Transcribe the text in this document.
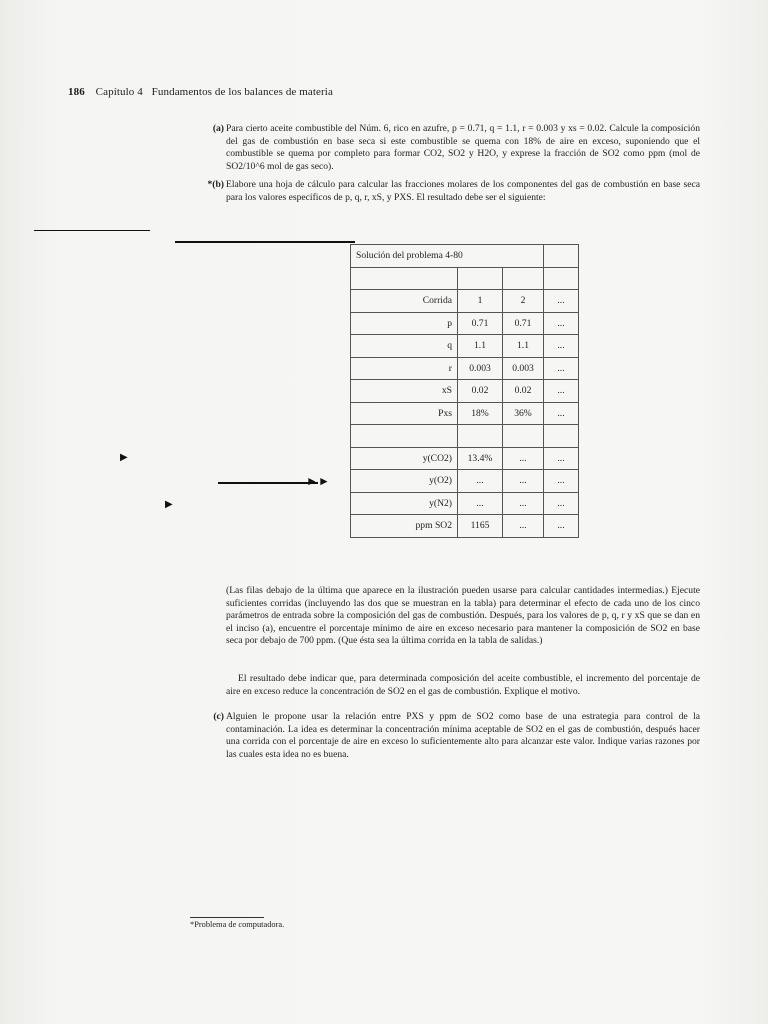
186 Capítulo 4 Fundamentos de los balances de materia
(a) Para cierto aceite combustible del Núm. 6, rico en azufre, p = 0.71, q = 1.1, r = 0.003 y xs = 0.02. Calcule la composición del gas de combustión en base seca si este combustible se quema con 18% de aire en exceso, suponiendo que el combustible se quema por completo para formar CO2, SO2 y H2O, y exprese la fracción de SO2 como ppm (mol de SO2/10^6 mol de gas seco).
*(b) Elabore una hoja de cálculo para calcular las fracciones molares de los componentes del gas de combustión en base seca para los valores específicos de p, q, r, xS, y PXS. El resultado debe ser el siguiente:
Solución del problema 4-80			

Corrida	1	2	...
p	0.71	0.71	...
q	1.1	1.1	...
r	0.003	0.003	...
xS	0.02	0.02	...
Pxs	18%	36%	...

y(CO2)	13.4%	...	...
y(O2)	...	...	...
y(N2)	...	...	...
ppm SO2	1165	...	...
▶
▶
► ►
(Las filas debajo de la última que aparece en la ilustración pueden usarse para calcular cantidades intermedias.) Ejecute suficientes corridas (incluyendo las dos que se muestran en la tabla) para determinar el efecto de cada uno de los cinco parámetros de entrada sobre la composición del gas de combustión. Después, para los valores de p, q, r y xS que se dan en el inciso (a), encuentre el porcentaje mínimo de aire en exceso necesario para mantener la composición de SO2 en base seca por debajo de 700 ppm. (Que ésta sea la última corrida en la tabla de salidas.)
El resultado debe indicar que, para determinada composición del aceite combustible, el incremento del porcentaje de aire en exceso reduce la concentración de SO2 en el gas de combustión. Explique el motivo.
(c) Alguien le propone usar la relación entre PXS y ppm de SO2 como base de una estrategia para control de la contaminación. La idea es determinar la concentración mínima aceptable de SO2 en el gas de combustión, después hacer una corrida con el porcentaje de aire en exceso lo suficientemente alto para alcanzar este valor. Indique varias razones por las cuales esta idea no es buena.
*Problema de computadora.
